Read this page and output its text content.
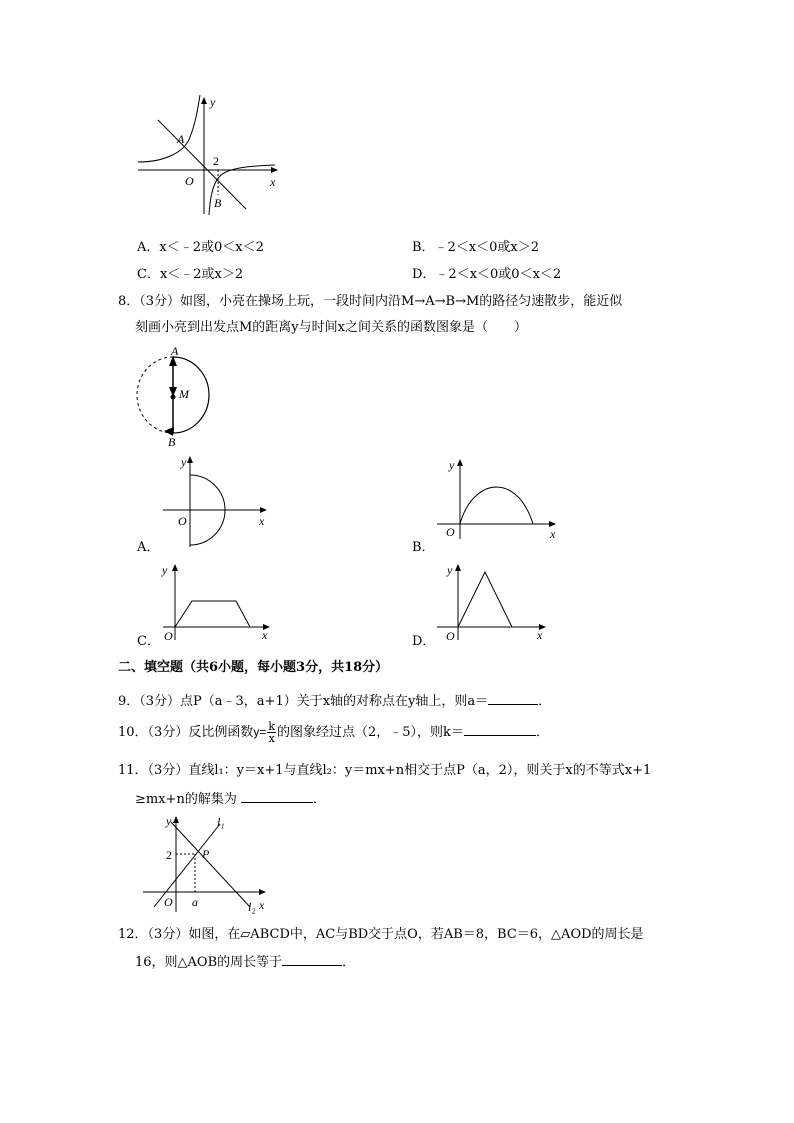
y
x
O
A
B
2
A．x＜﹣2或0＜x＜2	B．﹣2＜x＜0或x＞2
C．x＜﹣2或x＞2	D．﹣2＜x＜0或0＜x＜2
8．（3分）如图，小亮在操场上玩，一段时间内沿M→A→B→M的路径匀速散步，能近似
刻画小亮到出发点M的距离y与时间x之间关系的函数图象是（　　）
A
M
B
y
x
O
A．
y
x
O
B．
y
x
O
C．
y
x
O
D．
二、填空题（共6小题，每小题3分，共18分）
9．（3分）点P（a﹣3，a+1）关于x轴的对称点在y轴上，则a＝	．
10．（3分）反比例函数$y= \frac{k}{x}$ 的图象经过点（2，﹣5），则k＝	．
11．（3分）直线l₁：y＝x+1与直线l₂：y＝mx+n相交于点P（a，2），则关于x的不等式x+1
≥mx+n的解集为	．
y
x
O
l₁
l₂
P
2
a
12．（3分）如图，在▱ABCD中，AC与BD交于点O，若AB＝8，BC＝6，△AOD的周长是
16，则△AOB的周长等于	．
